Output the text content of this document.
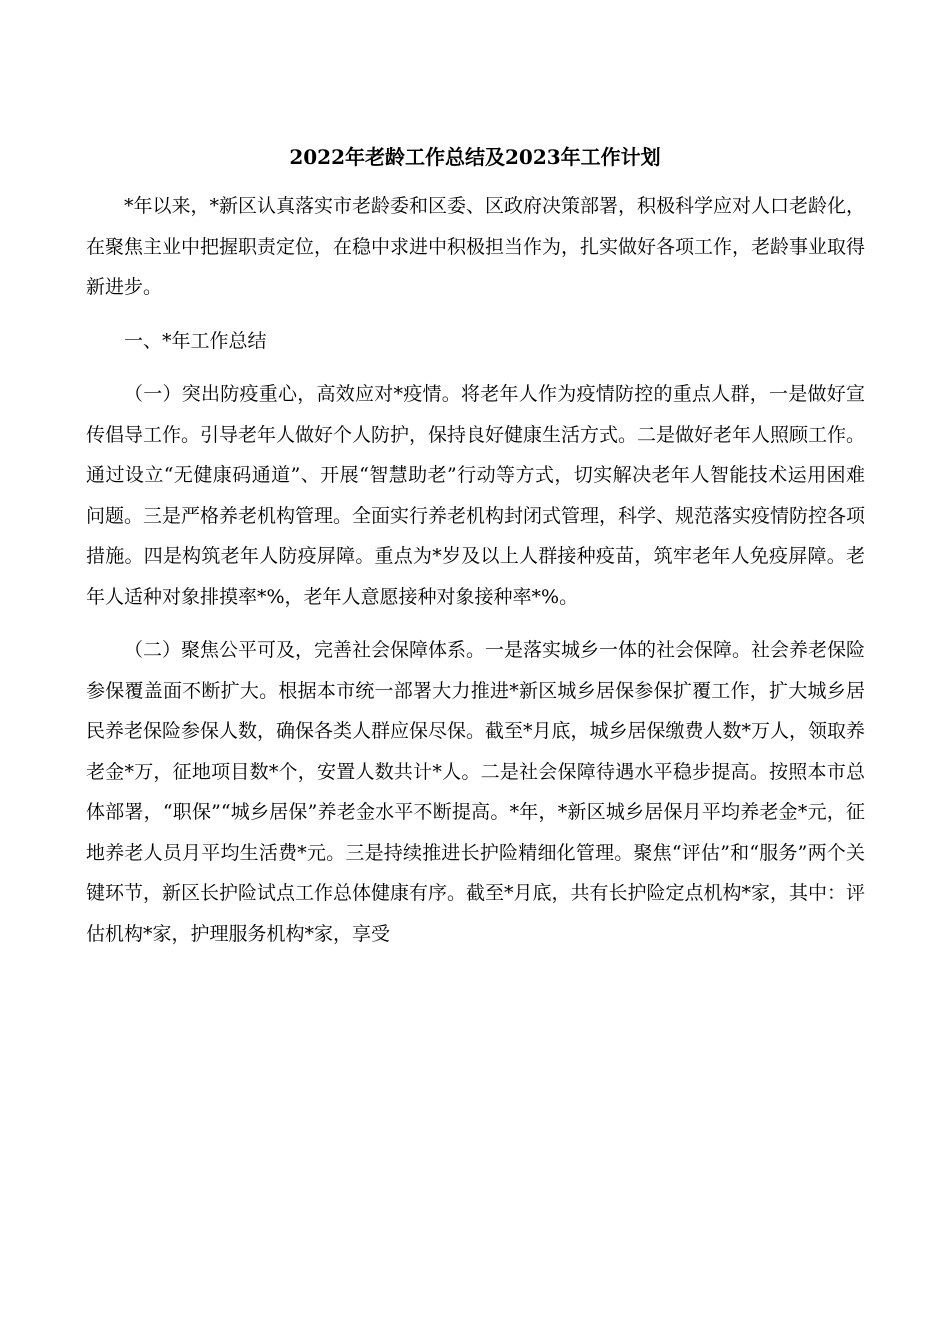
2022年老龄工作总结及2023年工作计划

*年以来，*新区认真落实市老龄委和区委、区政府决策部署，积极科学应对人口老龄化，在聚焦主业中把握职责定位，在稳中求进中积极担当作为，扎实做好各项工作，老龄事业取得新进步。

一、*年工作总结

（一）突出防疫重心，高效应对*疫情。将老年人作为疫情防控的重点人群，一是做好宣传倡导工作。引导老年人做好个人防护，保持良好健康生活方式。二是做好老年人照顾工作。通过设立“无健康码通道”、开展“智慧助老”行动等方式，切实解决老年人智能技术运用困难问题。三是严格养老机构管理。全面实行养老机构封闭式管理，科学、规范落实疫情防控各项措施。四是构筑老年人防疫屏障。重点为*岁及以上人群接种疫苗，筑牢老年人免疫屏障。老年人适种对象排摸率*%，老年人意愿接种对象接种率*%。

（二）聚焦公平可及，完善社会保障体系。一是落实城乡一体的社会保障。社会养老保险参保覆盖面不断扩大。根据本市统一部署大力推进*新区城乡居保参保扩覆工作，扩大城乡居民养老保险参保人数，确保各类人群应保尽保。截至*月底，城乡居保缴费人数*万人，领取养老金*万，征地项目数*个，安置人数共计*人。二是社会保障待遇水平稳步提高。按照本市总体部署，“职保”“城乡居保”养老金水平不断提高。*年，*新区城乡居保月平均养老金*元，征地养老人员月平均生活费*元。三是持续推进长护险精细化管理。聚焦“评估”和“服务”两个关键环节，新区长护险试点工作总体健康有序。截至*月底，共有长护险定点机构*家，其中：评估机构*家，护理服务机构*家，享受
